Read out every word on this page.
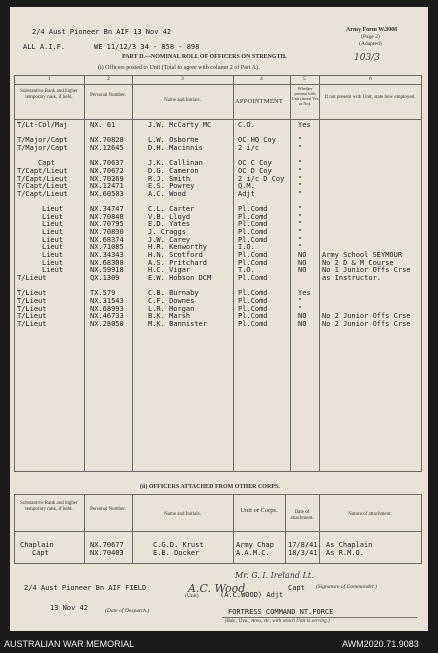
2/4 Aust Pioneer Bn AIF 13 Nov 42
ALL A.I.F.	WE 11/12/3 34 - 858 - 898
Army Form W.3008
(Page 2)
(Adapted)
103/3
PART D.—NOMINAL ROLL OF OFFICERS ON STRENGTH.
(i) Officers posted to Unit (Total to agree with column 2 of Part A).
1	2	3	4	5	6
Substantive Rank and higher temporary rank, if held.	Personal Number.
Name and Initials.	APPOINTMENT
Whether present with Unit (insert Yes or No).
If not present with Unit, state how employed.
T/Lt-Col/Maj	NX. 61	J.W. McCarty MC	C.O.	Yes
T/Major/Capt	NX.70828	L.W. Osborne	OC HQ Coy	"
T/Major/Capt	NX.12645	D.H. Macinnis	2 i/c	"
Capt	NX.70637	J.K. Callinan	OC C Coy	"
T/Capt/Lieut	NX.70672	D.G. Cameron	OC D Coy	"
T/Capt/Lieut	NX.70269	R.J. Smith	2 i/c D Coy "
T/Capt/Lieut	NX.12471	E.S. Powrey	Q.M.	"
T/Capt/Lieut	NX.60503	A.C. Wood	Adjt	"
Lieut	NX.34747	C.L. Carter	Pl.Comd	"
Lieut	NX.70848	V.B. Lloyd	Pl.Comd	"
Lieut	NX.70795	E.D. Yates	Pl.Comd	"
Lieut	NX.70830	J. Craggs	Pl.Comd	"
Lieut	NX.68374	J.W. Carey	Pl.Comd	"
Lieut	NX.71085	H.R. Kenworthy	I.O.	"
Lieut	NX.34343	H.N. Scotford	Pl.Comd	NO Army School SEYMOUR
Lieut	NX.68308	A.S. Pritchard	Pl.Comd	NO No 2 D & M Course
Lieut	NX.59918	H.C. Vigar	T.O.	NO No 1 Junior Offs Crse
T/Lieut	QX.1309	E.W. Hobson DCM	Pl.Comd	as Instructor.
T/Lieut	TX.579	C.B. Burnaby	Pl.Comd	Yes
T/Lieut	NX.31543	C.F. Downes	Pl.Comd	"
T/Lieut	NX.68993	L.R. Morgan	Pl.Comd	"
T/Lieut	NX.46733	B.K. Marsh	Pl.Comd	NO No 2 Junior Offs Crse
T/Lieut	NX.28050	M.K. Bannister	Pl.Comd	NO No 2 Junior Offs Crse
(ii) OFFICERS ATTACHED FROM OTHER CORPS.
Substantive Rank and higher temporary rank, if held.	Personal Number.
Name and Initials.
Unit or Corps.	Date of attachment.
Nature of attachment.
Chaplain	NX.70677	C.G.D. Krust	Army Chap 17/8/41 As Chaplain
Capt	NX.70403	E.B. Docker	A.A.M.C.	18/3/41 As R.M.O.
Mr. G. I. Ireland Lt.
2/4 Aust Pioneer Bn AIF FIELD
(Unit)
A.C. Wood
(A.C.WOOD) Adjt
Capt (Signature of Commander.)
13 Nov 42	(Date of Despatch.)	FORTRESS COMMAND NT.FORCE
(Bde., Dvn., Area, etc, with which Unit is serving.)
AUSTRALIAN WAR MEMORIAL	AWM2020.71.9083
